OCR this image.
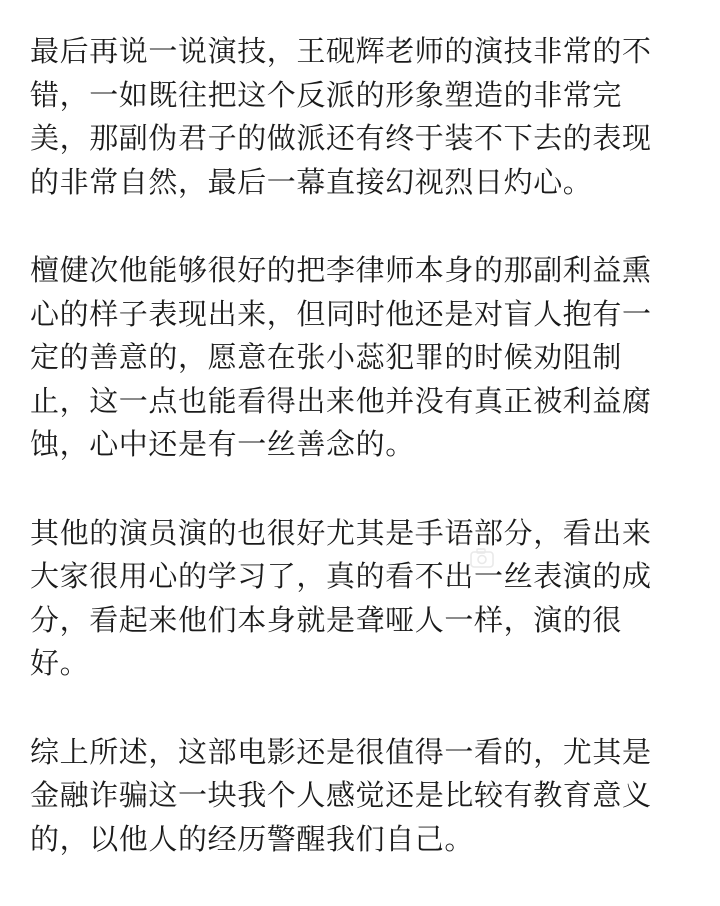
最后再说一说演技，王砚辉老师的演技非常的不错，一如既往把这个反派的形象塑造的非常完美，那副伪君子的做派还有终于装不下去的表现的非常自然，最后一幕直接幻视烈日灼心。

檀健次他能够很好的把李律师本身的那副利益熏心的样子表现出来，但同时他还是对盲人抱有一定的善意的，愿意在张小蕊犯罪的时候劝阻制止，这一点也能看得出来他并没有真正被利益腐蚀，心中还是有一丝善念的。

其他的演员演的也很好尤其是手语部分，看出来大家很用心的学习了，真的看不出一丝表演的成分，看起来他们本身就是聋哑人一样，演的很好。

综上所述，这部电影还是很值得一看的，尤其是金融诈骗这一块我个人感觉还是比较有教育意义的，以他人的经历警醒我们自己。
